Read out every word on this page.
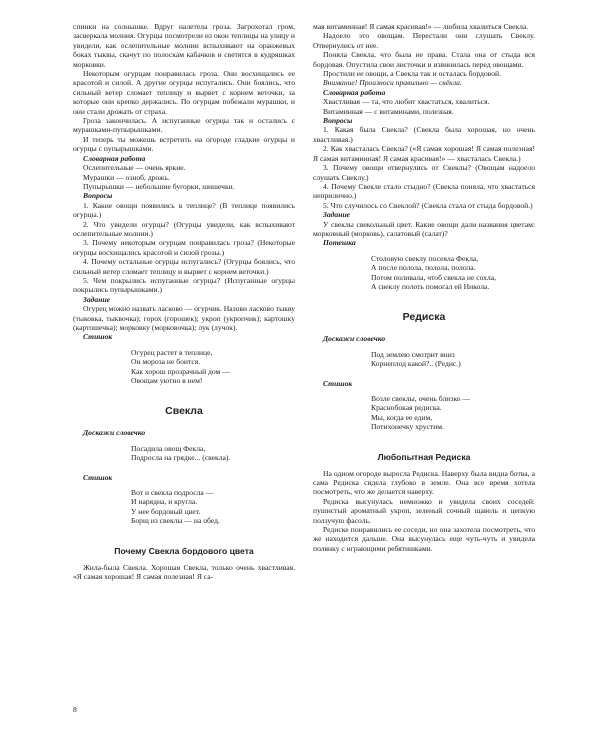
спинки на солнышке. Вдруг налетела гроза. Загрохотал гром, засверкала молния. Огурцы посмотрели из окон теплицы на улицу и увидели, как ослепительные молнии вспыхивают на оранжевых боках тыквы, скачут по полоскам кабачков и светятся в кудряшках морковки.

Некоторым огурцам понравилась гроза. Они восхищались ее красотой и силой. А другие огурцы испугались. Они боялись, что сильный ветер сломает теплицу и вырвет с корнем веточки, за которые они крепко держались. По огурцам побежали мурашки, и они стали дрожать от страха.

Гроза закончилась. А испуганные огурцы так и остались с мурашками-пупырышками.

И теперь ты можешь встретить на огороде гладкие огурцы и огурцы с пупырышками.

Словарная работа

Ослепительные — очень яркие.

Мурашки — озноб, дрожь.

Пупырышки — небольшие бугорки, шишечки.

Вопросы

1. Какие овощи появились в теплице? (В теплице появились огурцы.)

2. Что увидели огурцы? (Огурцы увидели, как вспыхивают ослепительные молнии.)

3. Почему некоторым огурцам понравилась гроза? (Некоторые огурцы восхищались красотой и силой грозы.)

4. Почему остальные огурцы испугались? (Огурцы боялись, что сильный ветер сломает теплицу и вырвет с корнем веточки.)

5. Чем покрылись испуганные огурцы? (Испуганные огурцы покрылись пупырышками.)

Задание

Огурец можно назвать ласково — огурчик. Назови ласково тыкву (тыковка, тыквочка); горох (горошек); укроп (укропчик); картошку (картошечка); морковку (морковочка); лук (лучок).

Стишок

Огурец растет в теплице,
Он мороза не боится.
Как хорош прозрачный дом —
Овощам уютно в нем!
Свекла

Доскажи словечко

Посадила овощ Фекла,
Подросла на грядке... (свекла).

Стишок

Вот и свекла подросла —
И нарядна, и кругла.
У нее бордовый цвет.
Борщ из свеклы — на обед.
Почему Свекла бордового цвета

Жила-была Свекла. Хорошая Свекла, только очень хвастливая. «Я самая хорошая! Я самая полезная! Я са-

мая витаминная! Я самая красивая!» — любила хвалиться Свекла.

Надоело это овощам. Перестали они слушать Свеклу. Отвернулись от нее.

Поняла Свекла, что была не права. Стала она от стыда вся бордовая. Опустила свои листочки и извинилась перед овощами.

Простили ее овощи, а Свекла так и осталась бордовой.

Внимание! Произноси правильно — свёкла.

Словарная работа

Хвастливая — та, что любит хвастаться, хвалиться.

Витаминная — с витаминами, полезная.

Вопросы

1. Какая была Свекла? (Свекла была хорошая, но очень хвастливая.)

2. Как хвасталась Свекла? («Я самая хорошая! Я самая полезная! Я самая витаминная! Я самая красивая!» — хвасталась Свекла.)

3. Почему овощи отвернулись от Свеклы? (Овощам надоело слушать Свеклу.)

4. Почему Свекле стало стыдно? (Свекла поняла, что хвастаться неприлично.)

5. Что случилось со Свеклой? (Свекла стала от стыда бордовой.)

Задание

У свеклы свекольный цвет. Какие овощи дали названия цветам: морковный (морковь), салатовый (салат)?

Потешка

Столовую свеклу посеяла Фекла,
А после полола, полола, полола.
Потом поливала, чтоб свекла не сохла,
А свеклу полоть помогал ей Никола.
Редиска

Доскажи словечко

Под землею смотрит вниз
Корнеплод какой?.. (Редис.)

Стишок

Возле свеклы, очень близко —
Краснобокая редиска.
Мы, когда ее едим,
Потихонечку хрустим.
Любопытная Редиска

На одном огороде выросла Редиска. Наверху была видна ботва, а сама Редиска сидела глубоко в земле. Она все время хотела посмотреть, что же делается наверху.

Редиска высунулась немножко и увидела своих соседей: пушистый ароматный укроп, зеленый сочный щавель и цепкую ползучую фасоль.

Редиске понравились ее соседи, но она захотела посмотреть, что же находится дальше. Она высунулась еще чуть-чуть и увидела полянку с играющими ребятишками.

8
